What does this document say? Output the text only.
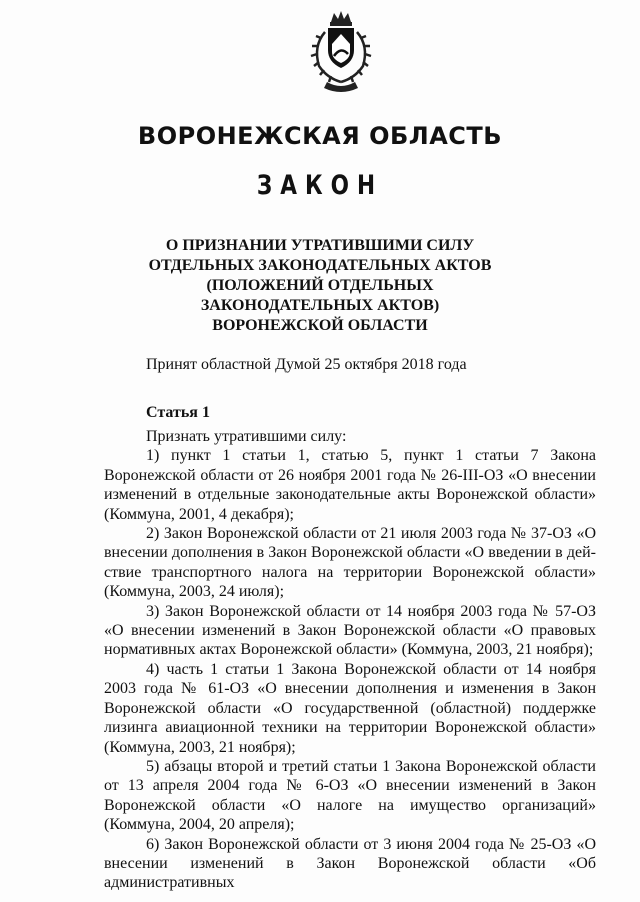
ВОРОНЕЖСКАЯ ОБЛАСТЬ
ЗАКОН
О ПРИЗНАНИИ УТРАТИВШИМИ СИЛУ
ОТДЕЛЬНЫХ ЗАКОНОДАТЕЛЬНЫХ АКТОВ
(ПОЛОЖЕНИЙ ОТДЕЛЬНЫХ
ЗАКОНОДАТЕЛЬНЫХ АКТОВ)
ВОРОНЕЖСКОЙ ОБЛАСТИ
Принят областной Думой 25 октября 2018 года
Статья 1

Признать утратившими силу:

1) пункт 1 статьи 1, статью 5, пункт 1 статьи 7 Закона Воронежской области от 26 ноября 2001 года № 26-III-ОЗ «О внесении изменений в отдельные законодательные акты Воронежской области» (Коммуна, 2001, 4 декабря);

2) Закон Воронежской области от 21 июля 2003 года № 37-ОЗ «О внесении дополнения в Закон Воронежской области «О введении в действие транспортного налога на территории Воронежской области» (Коммуна, 2003, 24 июля);

3) Закон Воронежской области от 14 ноября 2003 года № 57-ОЗ «О внесении изменений в Закон Воронежской области «О правовых нормативных актах Воронежской области» (Коммуна, 2003, 21 ноября);

4) часть 1 статьи 1 Закона Воронежской области от 14 ноября 2003 года № 61-ОЗ «О внесении дополнения и изменения в Закон Воронежской области «О государственной (областной) поддержке лизинга авиационной техники на территории Воронежской области» (Коммуна, 2003, 21 ноября);

5) абзацы второй и третий статьи 1 Закона Воронежской области от 13 апреля 2004 года № 6-ОЗ «О внесении изменений в Закон Воронежской области «О налоге на имущество организаций» (Коммуна, 2004, 20 апреля);

6) Закон Воронежской области от 3 июня 2004 года № 25-ОЗ «О внесении изменений в Закон Воронежской области «Об административных
